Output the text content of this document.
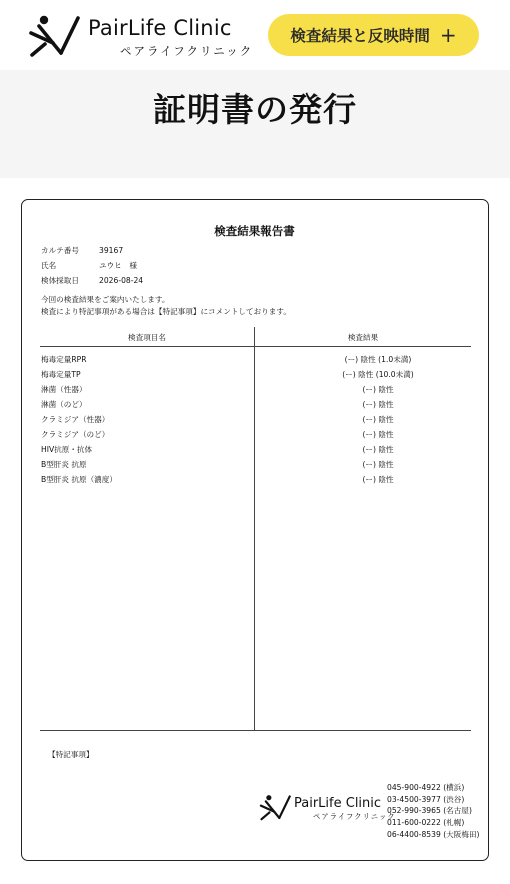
PairLife Clinic
ペアライフクリニック
検査結果と反映時間 +
証明書の発行
検査結果報告書
カルテ番号	39167
氏名	ユウヒ　様
検体採取日	2026-08-24
今回の検査結果をご案内いたします。
検査により特記事項がある場合は【特記事項】にコメントしております。
検査項目名	検査結果
梅毒定量RPR	(ー) 陰性 (1.0未満)
梅毒定量TP	(ー) 陰性 (10.0未満)
淋菌（性器）	(ー) 陰性
淋菌（のど）	(ー) 陰性
クラミジア（性器）	(ー) 陰性
クラミジア（のど）	(ー) 陰性
HIV抗原・抗体	(ー) 陰性
B型肝炎 抗原	(ー) 陰性
B型肝炎 抗原（濃度）	(ー) 陰性
【特記事項】
PairLife Clinic
ペアライフクリニック
045-900-4922 (横浜)
03-4500-3977 (渋谷)
052-990-3965 (名古屋)
011-600-0222 (札幌)
06-4400-8539 (大阪梅田)
